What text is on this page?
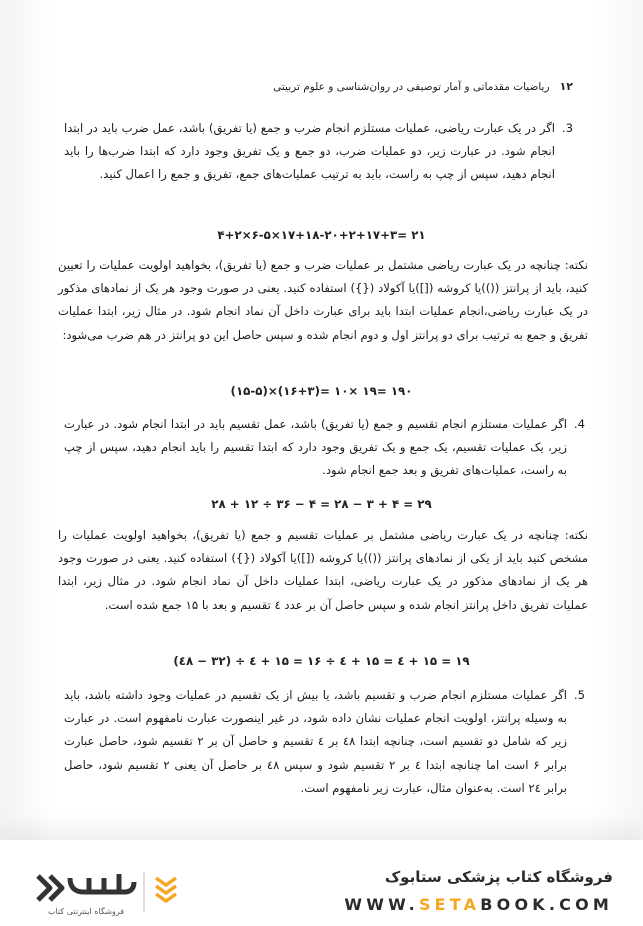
۱۲
ریاضیات مقدماتی و آمار توصیفی در روان‌شناسی و علوم تربیتی
3.
اگر در یک عبارت ریاضی، عملیات مستلزم انجام ضرب و جمع (یا تفریق) باشد، عمل ضرب باید در ابتدا انجام شود. در عبارت زیر، دو عملیات ضرب، دو جمع و یک تفریق وجود دارد که ابتدا ضرب‌ها را باید انجام دهید، سپس از چپ به راست، باید به ترتیب عملیات‌های جمع، تفریق و جمع را اعمال کنید.
۲۱ =۱۷+۱۸-۲۰+۲+۱۷+۳×۶-۵×۴+۲
نکته: چنانچه در یک عبارت ریاضی مشتمل بر عملیات ضرب و جمع (یا تفریق)، بخواهید اولویت عملیات را تعیین کنید، باید از پرانتز (())یا کروشه ([])یا آکولاد ({}) استفاده کنید. یعنی در صورت وجود هر یک از نمادهای مذکور در یک عبارت ریاضی،انجام عملیات ابتدا باید برای عبارت داخل آن نماد انجام شود. در مثال زیر، ابتدا عملیات تفریق و جمع به ترتیب برای دو پرانتز اول و دوم انجام شده و سپس حاصل این دو پرانتز در هم ضرب می‌شود:
۱۹۰ =۱۹ ×۱۰ =(۱۶+۳)×(۱۵-۵)
4.
اگر عملیات مستلزم انجام تقسیم و جمع (یا تفریق) باشد، عمل تقسیم باید در ابتدا انجام شود. در عبارت زیر، یک عملیات تقسیم، یک جمع و یک تفریق وجود دارد که ابتدا تقسیم را باید انجام دهید، سپس از چپ به راست، عملیات‌های تفریق و بعد جمع انجام شود.
۲۹ = ۴ + ۳ − ۲۸ = ۴ − ۳۶ ÷ ۱۲ + ۲۸
نکته: چنانچه در یک عبارت ریاضی مشتمل بر عملیات تقسیم و جمع (یا تفریق)، بخواهید اولویت عملیات را مشخص کنید باید از یکی از نمادهای پرانتز (())یا کروشه ([])یا آکولاد ({}) استفاده کنید. یعنی در صورت وجود هر یک از نمادهای مذکور در یک عبارت ریاضی، ابتدا عملیات داخل آن نماد انجام شود. در مثال زیر، ابتدا عملیات تفریق داخل پرانتز انجام شده و سپس حاصل آن بر عدد ٤ تقسیم و بعد با ١۵ جمع شده است.
۱۹ = ۱۵ + ٤ = ۱۵ + ٤ ÷ ۱۶ = ۱۵ + ٤ ÷ (۳۲ − ٤۸)
5.
اگر عملیات مستلزم انجام ضرب و تقسیم باشد، یا بیش از یک تقسیم در عملیات وجود داشته باشد، باید به وسیله پرانتز، اولویت انجام عملیات نشان داده شود، در غیر اینصورت عبارت نامفهوم است. در عبارت زیر که شامل دو تقسیم است، چنانچه ابتدا ٤٨ بر ٤ تقسیم و حاصل آن بر ۲ تقسیم شود، حاصل عبارت برابر ۶ است اما چنانچه ابتدا ٤ بر ۲ تقسیم شود و سپس ٤٨ بر حاصل آن یعنی ۲ تقسیم شود، حاصل برابر ۲٤ است. به‌عنوان مثال، عبارت زیر نامفهوم است.
فروشگاه اینترنتی کتاب
فروشگاه کتاب پزشکی ستابوک
WWW.SETABOOK.COM
